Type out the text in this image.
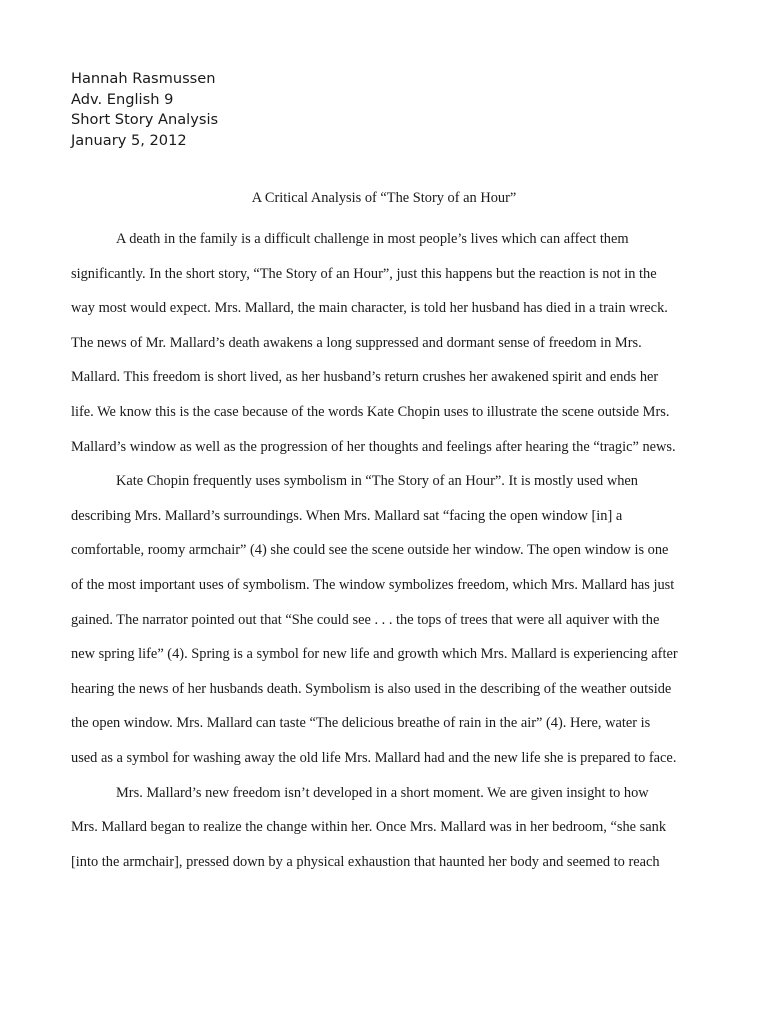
Hannah Rasmussen
Adv. English 9
Short Story Analysis
January 5, 2012
A Critical Analysis of “The Story of an Hour”
A death in the family is a difficult challenge in most people’s lives which can affect them
significantly. In the short story, “The Story of an Hour”, just this happens but the reaction is not in the
way most would expect. Mrs. Mallard, the main character, is told her husband has died in a train wreck.
The news of Mr. Mallard’s death awakens a long suppressed and dormant sense of freedom in Mrs.
Mallard. This freedom is short lived, as her husband’s return crushes her awakened spirit and ends her
life. We know this is the case because of the words Kate Chopin uses to illustrate the scene outside Mrs.
Mallard’s window as well as the progression of her thoughts and feelings after hearing the “tragic” news.
Kate Chopin frequently uses symbolism in “The Story of an Hour”. It is mostly used when
describing Mrs. Mallard’s surroundings. When Mrs. Mallard sat “facing the open window [in] a
comfortable, roomy armchair” (4) she could see the scene outside her window. The open window is one
of the most important uses of symbolism. The window symbolizes freedom, which Mrs. Mallard has just
gained. The narrator pointed out that “She could see . . . the tops of trees that were all aquiver with the
new spring life” (4). Spring is a symbol for new life and growth which Mrs. Mallard is experiencing after
hearing the news of her husbands death. Symbolism is also used in the describing of the weather outside
the open window. Mrs. Mallard can taste “The delicious breathe of rain in the air” (4). Here, water is
used as a symbol for washing away the old life Mrs. Mallard had and the new life she is prepared to face.
Mrs. Mallard’s new freedom isn’t developed in a short moment. We are given insight to how
Mrs. Mallard began to realize the change within her. Once Mrs. Mallard was in her bedroom, “she sank
[into the armchair], pressed down by a physical exhaustion that haunted her body and seemed to reach
